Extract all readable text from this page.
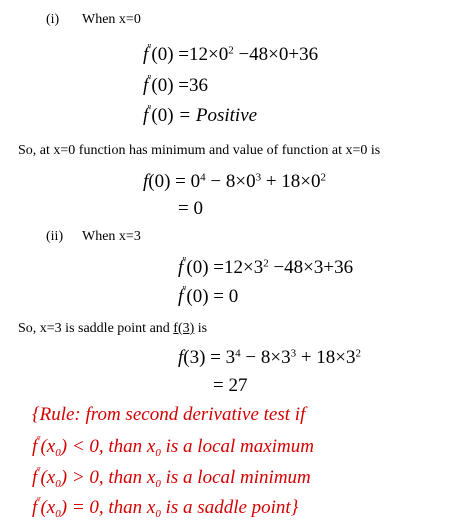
(i) When x=0
$f^"(0) =12\times 0^2 -48\times 0+36$
f"(0) =36
f"(0) = Positive
So, at x=0 function has minimum and value of function at x=0 is
$f(0) = 0^4 - 8\times 0^3 + 18\times 0^2$
= 0
(ii) When x=3
$f^"(0) =12\times 3^2 -48\times 3+36$
f"(0) = 0
So, x=3 is saddle point and f(3) is
$f(3) = 3^4 - 8\times 3^3 + 18\times 3^2$
= 27
{Rule: from second derivative test if
$f^"(x_0) < 0$, than $x_0$ is a local maximum
$f^"(x_0) > 0$, than $x_0$ is a local minimum
$f^"(x_0) = 0$, than $x_0$ is a saddle point}
